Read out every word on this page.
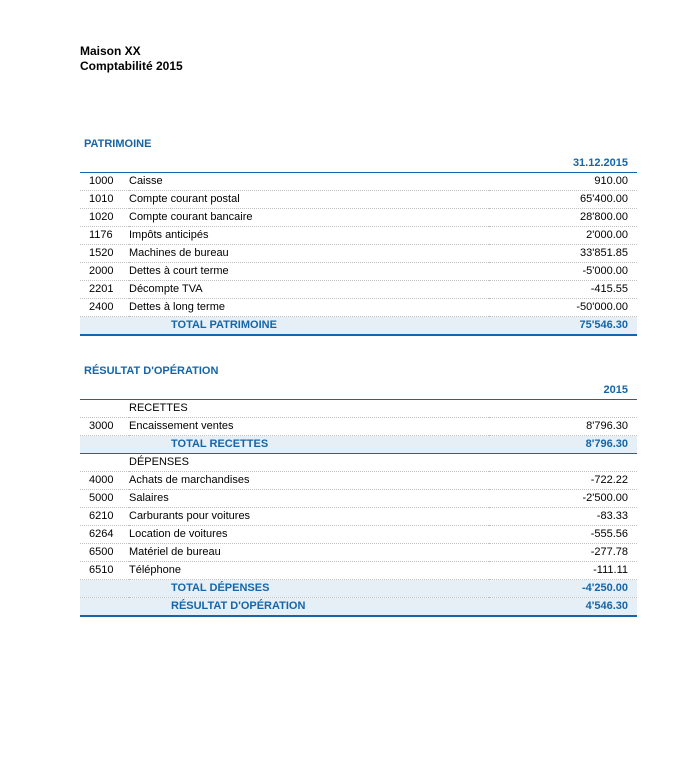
Maison XX
Comptabilité 2015
PATRIMOINE
		31.12.2015
1000	Caisse	910.00
1010	Compte courant postal	65'400.00
1020	Compte courant bancaire	28'800.00
1176	Impôts anticipés	2'000.00
1520	Machines de bureau	33'851.85
2000	Dettes à court terme	-5'000.00
2201	Décompte TVA	-415.55
2400	Dettes à long terme	-50'000.00
	TOTAL PATRIMOINE	75'546.30
RÉSULTAT D'OPÉRATION
		2015
	RECETTES	
3000	Encaissement ventes	8'796.30
	TOTAL RECETTES	8'796.30
	DÉPENSES	
4000	Achats de marchandises	-722.22
5000	Salaires	-2'500.00
6210	Carburants pour voitures	-83.33
6264	Location de voitures	-555.56
6500	Matériel de bureau	-277.78
6510	Téléphone	-111.11
	TOTAL DÉPENSES	-4'250.00
	RÉSULTAT D'OPÉRATION	4'546.30
